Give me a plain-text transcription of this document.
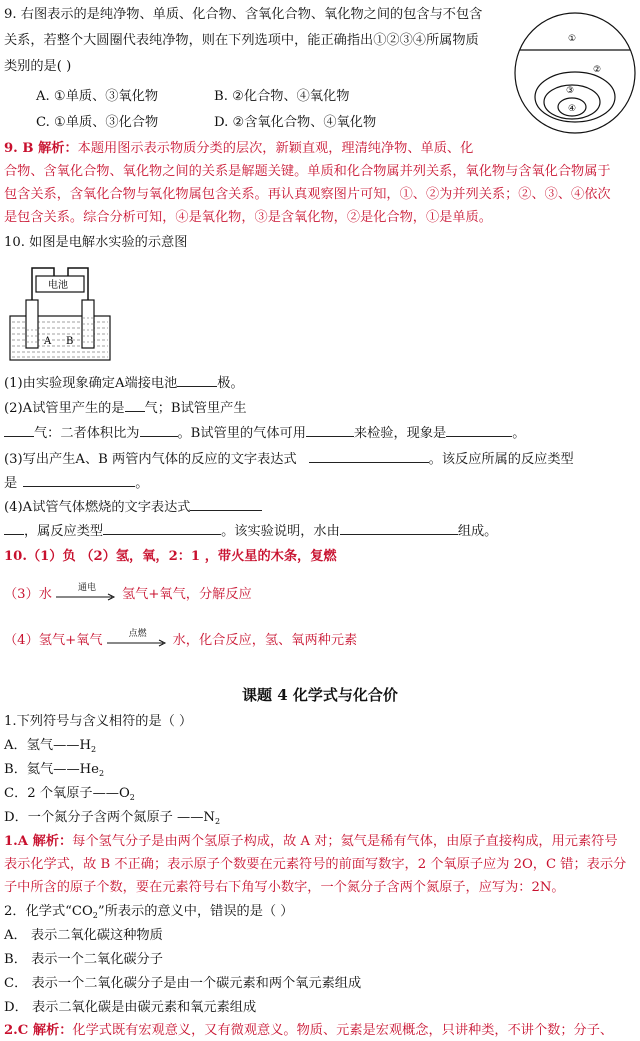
9. 右图表示的是纯净物、单质、化合物、含氧化合物、氧化物之间的包含与不包含
关系，若整个大圆圈代表纯净物，则在下列选项中，能正确指出①②③④所属物质
类别的是( )
A. ①单质、③氧化物	B. ②化合物、④氧化物
C. ①单质、③化合物	D. ②含氧化合物、④氧化物
①
②
③
④
9. B 解析：本题用图示表示物质分类的层次，新颖直观，理清纯净物、单质、化
合物、含氧化合物、氧化物之间的关系是解题关键。单质和化合物属并列关系，氧化物与含氧化合物属于
包含关系，含氧化合物与氧化物属包含关系。再认真观察图片可知，①、②为并列关系；②、③、④依次
是包含关系。综合分析可知，④是氧化物，③是含氧化物，②是化合物，①是单质。
10. 如图是电解水实验的示意图
电池
A B
(1)由实验现象确定A端接电池	极。
(2)A试管里产生的是 气；B试管里产生
气：二者体积比为	。B试管里的气体可用	来检验，现象是	。
(3)写出产生A、B 两管内气体的反应的文字表达式	。该反应所属的反应类型
是	。
(4)A试管气体燃烧的文字表达式
，属反应类型	。该实验说明，水由	组成。
10.（1）负 （2）氢，氧，2：1 ，带火星的木条，复燃
（3）水	通电	氢气+氧气，分解反应
（4）氢气+氧气	点燃	水，化合反应，氢、氧两种元素
课题 4 化学式与化合价
1.下列符号与含义相符的是（ ）
A．氢气$——H_2$
B．氦气$——He_2$
C．2 个氧原子$——O_2$
D．一个氮分子含两个氮原子 $——N_2$
1.A 解析：每个氢气分子是由两个氢原子构成，故 A 对；氦气是稀有气体，由原子直接构成，用元素符号
表示化学式，故 B 不正确；表示原子个数要在元素符号的前面写数字，2 个氧原子应为 2O，C 错；表示分
子中所含的原子个数，要在元素符号右下角写小数字，一个氮分子含两个氮原子，应写为：2N。
2．化学式“$CO_2$”所表示的意义中，错误的是（ ）
A． 表示二氧化碳这种物质
B． 表示一个二氧化碳分子
C． 表示一个二氧化碳分子是由一个碳元素和两个氧元素组成
D． 表示二氧化碳是由碳元素和氧元素组成
2.C 解析：化学式既有宏观意义，又有微观意义。物质、元素是宏观概念，只讲种类，不讲个数；分子、
